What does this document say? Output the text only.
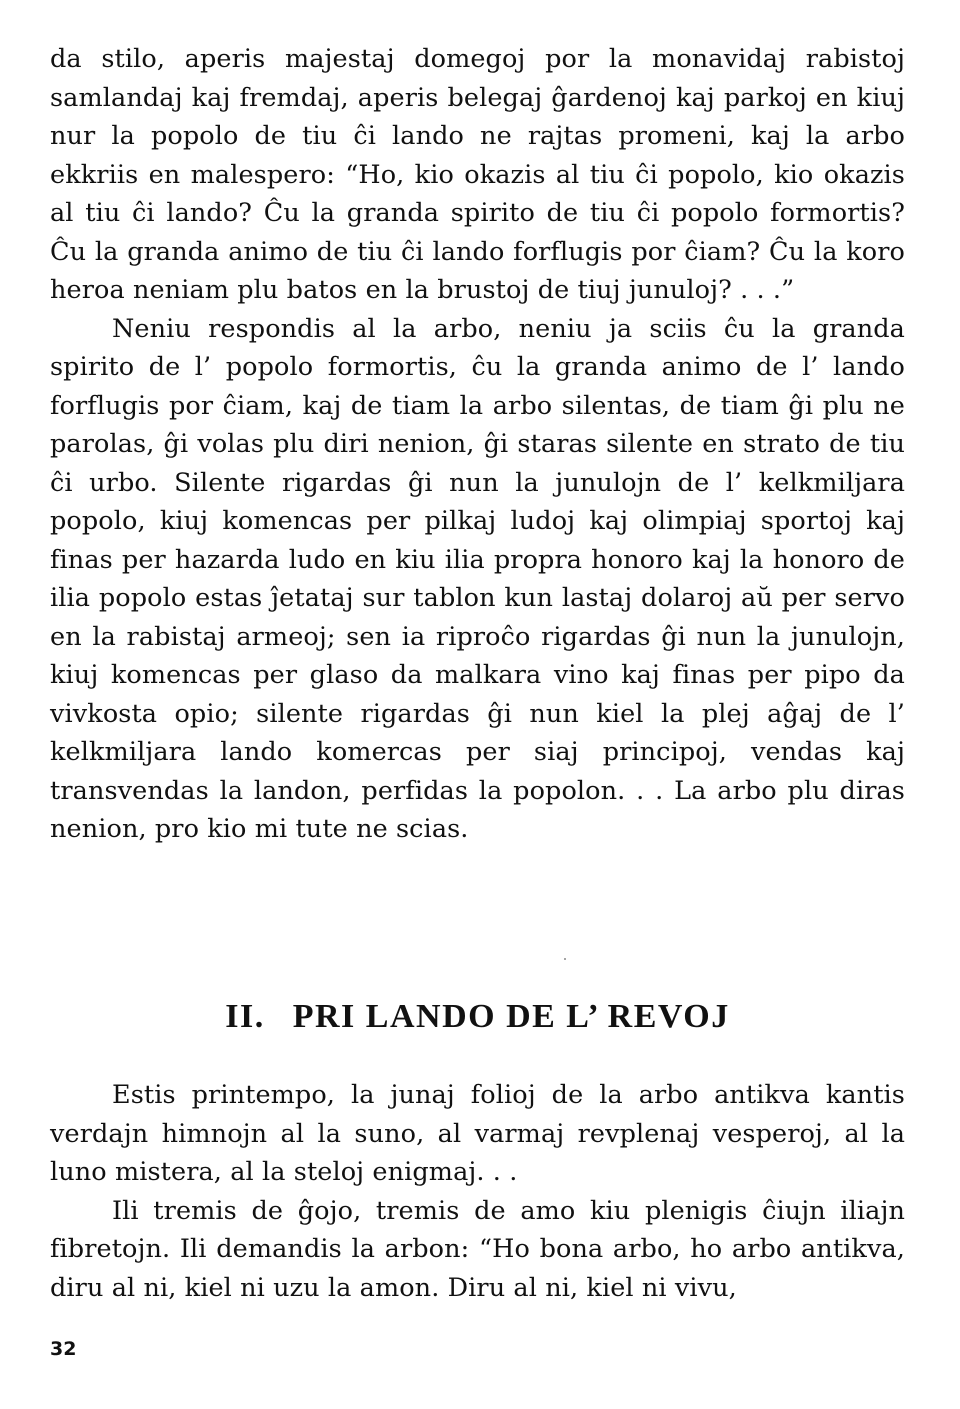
da stilo, aperis majestaj domegoj por la monavidaj rabistoj samlandaj kaj fremdaj, aperis belegaj ĝardenoj kaj parkoj en kiuj nur la popolo de tiu ĉi lando ne rajtas promeni, kaj la arbo ekkriis en malespero: “Ho, kio okazis al tiu ĉi popolo, kio okazis al tiu ĉi lando? Ĉu la granda spirito de tiu ĉi popolo formortis? Ĉu la granda animo de tiu ĉi lando forflugis por ĉiam? Ĉu la koro heroa neniam plu batos en la brustoj de tiuj junuloj? . . .”

Neniu respondis al la arbo, neniu ja sciis ĉu la granda spirito de l’ popolo formortis, ĉu la granda animo de l’ lando forflugis por ĉiam, kaj de tiam la arbo silentas, de tiam ĝi plu ne parolas, ĝi volas plu diri nenion, ĝi staras silente en strato de tiu ĉi urbo. Silente rigardas ĝi nun la junulojn de l’ kelkmiljara popolo, kiuj komencas per pilkaj ludoj kaj olimpiaj sportoj kaj finas per hazarda ludo en kiu ilia propra honoro kaj la honoro de ilia popolo estas ĵetataj sur tablon kun lastaj dolaroj aŭ per servo en la rabistaj armeoj; sen ia riproĉo rigardas ĝi nun la junulojn, kiuj komencas per glaso da malkara vino kaj finas per pipo da vivkosta opio; silente rigardas ĝi nun kiel la plej aĝaj de l’ kelkmiljara lando komercas per siaj principoj, vendas kaj transvendas la landon, perfidas la popolon. . . La arbo plu diras nenion, pro kio mi tute ne scias.

II. PRI LANDO DE L’ REVOJ

Estis printempo, la junaj folioj de la arbo antikva kantis verdajn himnojn al la suno, al varmaj revplenaj vesperoj, al la luno mistera, al la steloj enigmaj. . .

Ili tremis de ĝojo, tremis de amo kiu plenigis ĉiujn iliajn fibretojn. Ili demandis la arbon: “Ho bona arbo, ho arbo antikva, diru al ni, kiel ni uzu la amon. Diru al ni, kiel ni vivu,

32
